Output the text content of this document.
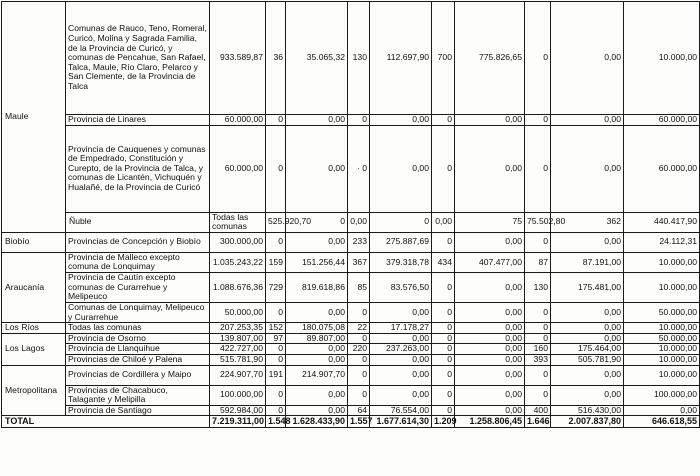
Maule	Comunas de Rauco, Teno, Romeral, Curicó, Molina y Sagrada Familia, de la Provincia de Curicó, y comunas de Pencahue, San Rafael, Talca, Maule, Río Claro, Pelarco y San Clemente, de la Provincia de Talca	933.589,87	36	35.065,32	130	112.697,90	700	775.826,65	0	0,00	10.000,00	
	Provincia de Linares	60.000,00	0	0,00	0	0,00	0	0,00	0	0,00	60.000,00	
	Provincia de Cauquenes y comunas de Empedrado, Constitución y Curepto, de la Provincia de Talca, y comunas de Licantén, Vichuquén y Hualañé, de la Provincia de Curicó	60.000,00	0	0,00	· 0	0,00	0	0,00	0	0,00	60.000,00	
	Ñuble	Todas las comunas	525.920,70	0	0,00	0	0,00	75	75.502,80	362	440.417,90	
Biobío	Provincias de Concepción y Biobío	300.000,00	0	0,00	233	275.887,69	0	0,00	0	0,00	24.112,31	
Araucanía	Provincia de Malleco excepto comuna de Lonquimay	1.035.243,22	159	151.256,44	367	379.318,78	434	407.477,00	87	87.191,00	10.000,00	
	Provincia de Cautín excepto comunas de Curarrehue y Melipeuco	1.088.676,36	729	819.618,86	85	83.576,50	0	0,00	130	175.481,00	10.000,00	
	Comunas de Lonquimay, Melipeuco y Curarrehue	50.000,00	0	0,00	0	0,00	0	0,00	0	0,00	50.000,00	
Los Ríos	Todas las comunas	207.253,35	152	180.075,08	22	17.178,27	0	0,00	0	0,00	10.000,00	
Los Lagos	Provincia de Osorno	139.807,00	97	89.807,00	0	0,00	0	0,00	0	0,00	50.000,00	
	Provincia de Llanquihue	422.727,00	0	0,00	220	237.263,00	0	0,00	160	175.464,00	10.000,00	
	Provincias de Chiloé y Palena	515.781,90	0	0,00	0	0,00	0	0,00	393	505.781,90	10.000,00	
Metropolitana	Provincias de Cordillera y Maipo	224.907,70	191	214.907,70	0	0,00	0	0,00	0	0,00	10.000,00	
	Provincias de Chacabuco, Talagante y Melipilla	100.000,00	0	0,00	0	0,00	0	0,00	0	0,00	100.000,00	
	Provincia de Santiago	592.984,00	0	0,00	64	76.554,00	0	0,00	400	516.430,00	0,00	
TOTAL		7.219.311,00	1.548	1.628.433,90	1.557	1.677.614,30	1.209	1.258.806,45	1.646	2.007.837,80	646.618,55	
